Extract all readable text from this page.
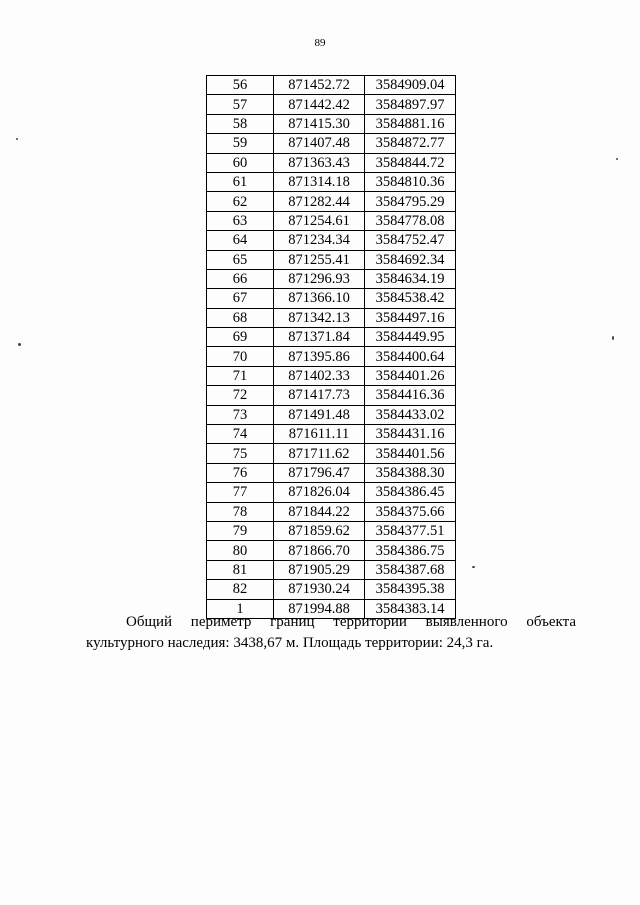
89
56	871452.72	3584909.04
57	871442.42	3584897.97
58	871415.30	3584881.16
59	871407.48	3584872.77
60	871363.43	3584844.72
61	871314.18	3584810.36
62	871282.44	3584795.29
63	871254.61	3584778.08
64	871234.34	3584752.47
65	871255.41	3584692.34
66	871296.93	3584634.19
67	871366.10	3584538.42
68	871342.13	3584497.16
69	871371.84	3584449.95
70	871395.86	3584400.64
71	871402.33	3584401.26
72	871417.73	3584416.36
73	871491.48	3584433.02
74	871611.11	3584431.16
75	871711.62	3584401.56
76	871796.47	3584388.30
77	871826.04	3584386.45
78	871844.22	3584375.66
79	871859.62	3584377.51
80	871866.70	3584386.75
81	871905.29	3584387.68
82	871930.24	3584395.38
1	871994.88	3584383.14
Общий периметр границ территории выявленного объекта
культурного наследия: 3438,67 м. Площадь территории: 24,3 га.
